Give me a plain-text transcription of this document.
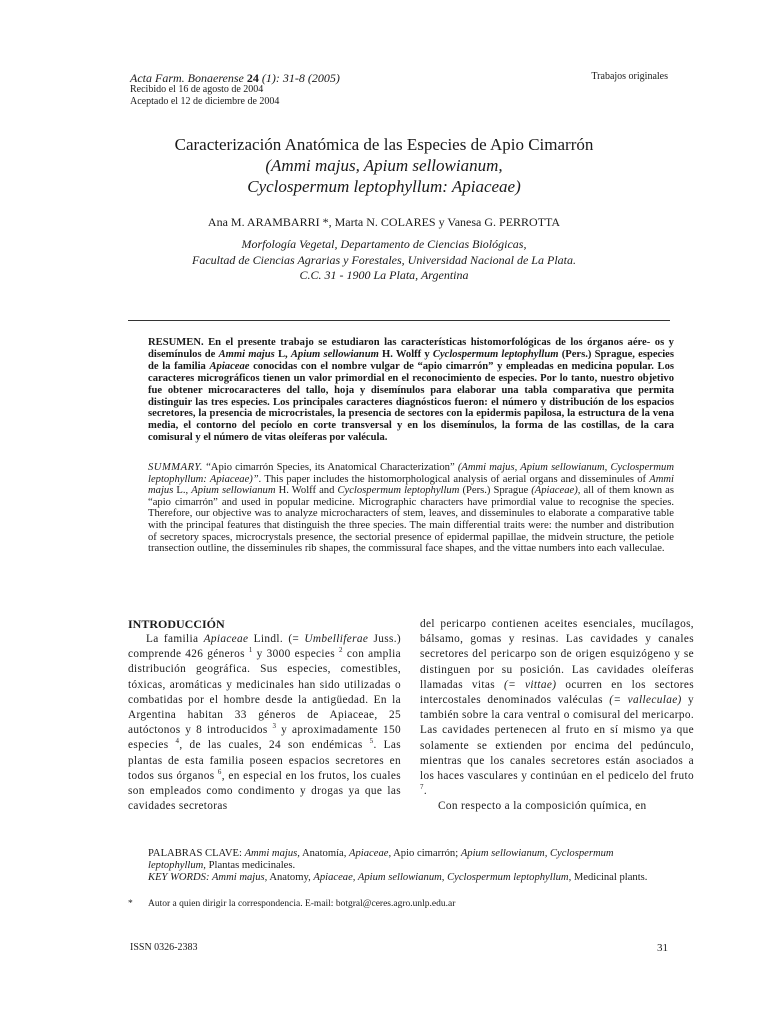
Acta Farm. Bonaerense 24 (1): 31-8 (2005)
Recibido el 16 de agosto de 2004
Aceptado el 12 de diciembre de 2004
Trabajos originales
Caracterización Anatómica de las Especies de Apio Cimarrón
(Ammi majus, Apium sellowianum,
Cyclospermum leptophyllum: Apiaceae)
Ana M. ARAMBARRI *, Marta N. COLARES y Vanesa G. PERROTTA
Morfología Vegetal, Departamento de Ciencias Biológicas,
Facultad de Ciencias Agrarias y Forestales, Universidad Nacional de La Plata.
C.C. 31 - 1900 La Plata, Argentina
RESUMEN. En el presente trabajo se estudiaron las características histomorfológicas de los órganos aére- os y disemínulos de Ammi majus L, Apium sellowianum H. Wolff y Cyclospermum leptophyllum (Pers.) Sprague, especies de la familia Apiaceae conocidas con el nombre vulgar de “apio cimarrón” y empleadas en medicina popular. Los caracteres micrográficos tienen un valor primordial en el reconocimiento de especies. Por lo tanto, nuestro objetivo fue obtener microcaracteres del tallo, hoja y disemínulos para elaborar una tabla comparativa que permita distinguir las tres especies. Los principales caracteres diagnósticos fueron: el número y distribución de los espacios secretores, la presencia de microcristales, la presencia de sectores con la epidermis papilosa, la estructura de la vena media, el contorno del pecíolo en corte transversal y en los disemínulos, la forma de las costillas, de la cara comisural y el número de vitas oleíferas por valécula.
SUMMARY. “Apio cimarrón Species, its Anatomical Characterization” (Ammi majus, Apium sellowianum, Cyclospermum leptophyllum: Apiaceae)”. This paper includes the histomorphological analysis of aerial organs and disseminules of Ammi majus L., Apium sellowianum H. Wolff and Cyclospermum leptophyllum (Pers.) Sprague (Apiaceae), all of them known as “apio cimarrón” and used in popular medicine. Micrographic characters have primordial value to recognise the species. Therefore, our objective was to analyze microcharacters of stem, leaves, and disseminules to elaborate a comparative table with the principal features that distinguish the three species. The main differential traits were: the number and distribution of secretory spaces, microcrystals presence, the sectorial presence of epidermal papillae, the midvein structure, the petiole transection outline, the disseminules rib shapes, the commissural face shapes, and the vittae numbers into each valleculae.
INTRODUCCIÓN

La familia Apiaceae Lindl. (= Umbelliferae Juss.) comprende 426 géneros $^1$ y 3000 especies $^2$ con amplia distribución geográfica. Sus especies, comestibles, tóxicas, aromáticas y medicinales han sido utilizadas o combatidas por el hombre desde la antigüedad. En la Argentina habitan 33 géneros de Apiaceae, 25 autóctonos y 8 introducidos $^3$ y aproximadamente 150 especies $^4$, de las cuales, 24 son endémicas $^5$. Las plantas de esta familia poseen espacios secretores en todos sus órganos $^6$, en especial en los frutos, los cuales son empleados como condimento y drogas ya que las cavidades secretoras

del pericarpo contienen aceites esenciales, mucílagos, bálsamo, gomas y resinas. Las cavidades y canales secretores del pericarpo son de origen esquizógeno y se distinguen por su posición. Las cavidades oleíferas llamadas vitas (= vittae) ocurren en los sectores intercostales denominados valéculas (= valleculae) y también sobre la cara ventral o comisural del mericarpo. Las cavidades pertenecen al fruto en sí mismo ya que solamente se extienden por encima del pedúnculo, mientras que los canales secretores están asociados a los haces vasculares y continúan en el pedicelo del fruto $^7$.

Con respecto a la composición química, en

PALABRAS CLAVE: Ammi majus, Anatomía, Apiaceae, Apio cimarrón; Apium sellowianum, Cyclospermum leptophyllum, Plantas medicinales.
KEY WORDS: Ammi majus, Anatomy, Apiaceae, Apium sellowianum, Cyclospermum leptophyllum, Medicinal plants.
* Autor a quien dirigir la correspondencia. E-mail: botgral@ceres.agro.unlp.edu.ar
ISSN 0326-2383	31
